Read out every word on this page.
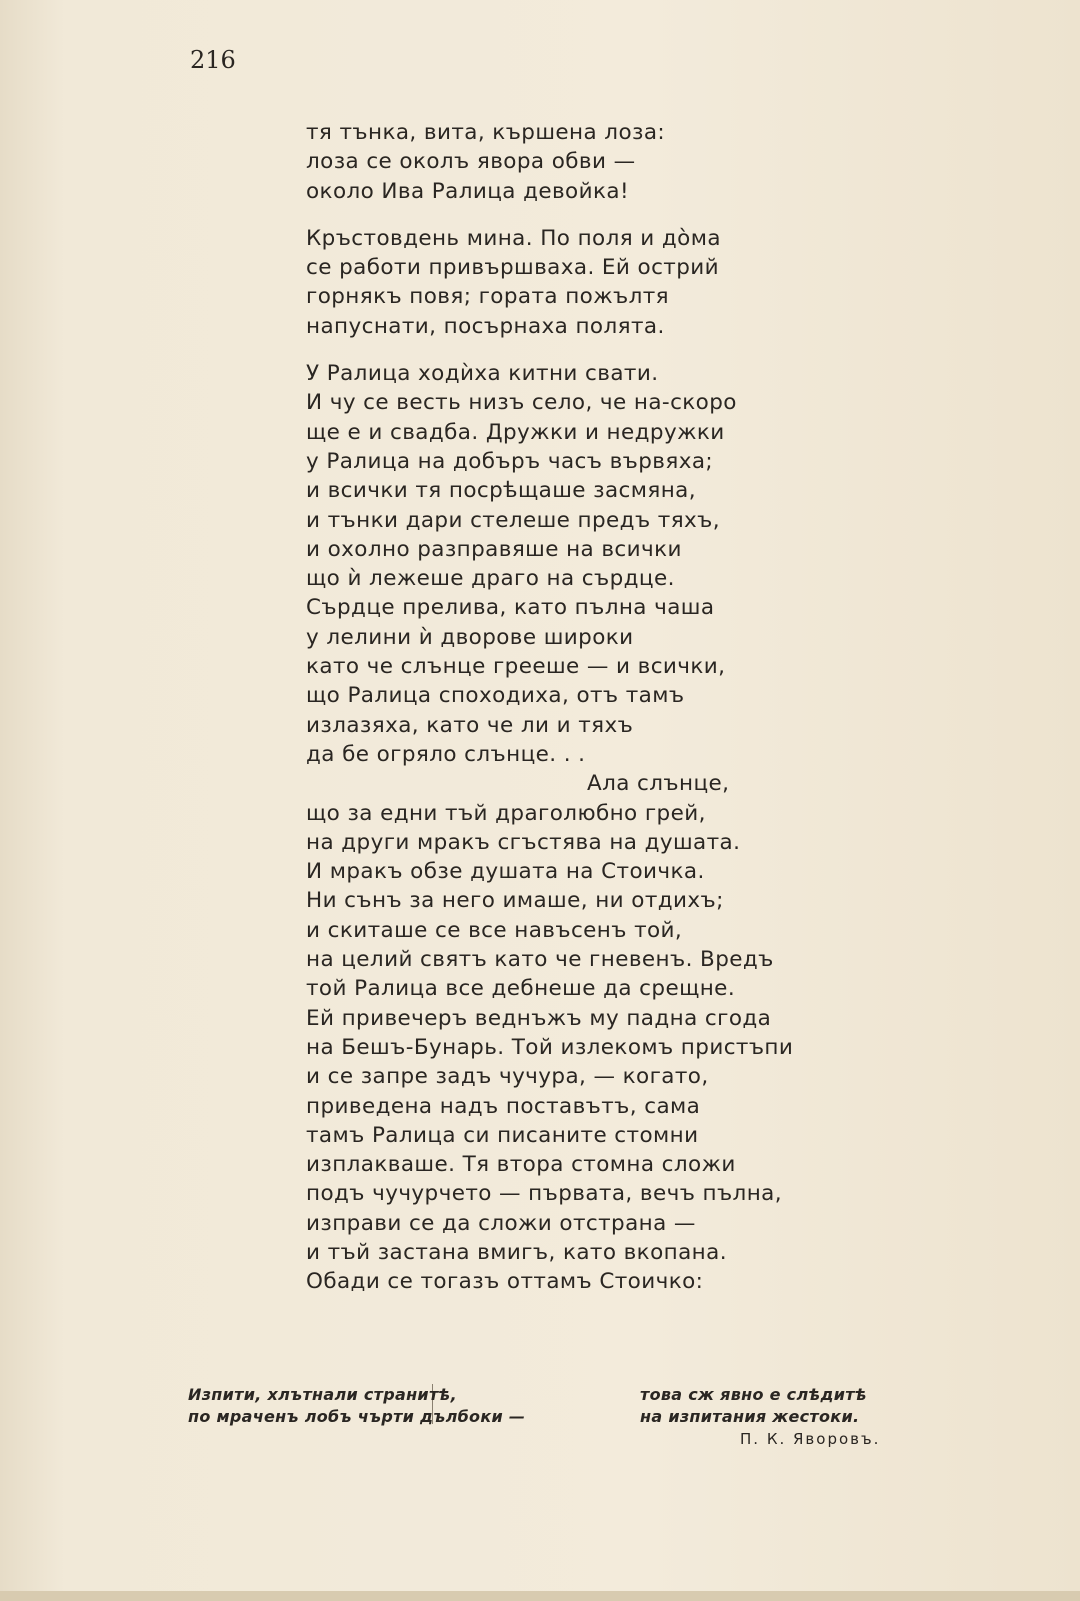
216
тя тънка, вита, кършена лоза:
лоза се околъ явора обви —
около Ива Ралица девойка!
Кръстовдень мина. По поля и дòма
се работи привършваха. Ей острий
горнякъ повя; гората пожълтя
напуснати, посърнаха полята.
У Ралица ходѝха китни свати.
И чу се весть низъ село, че на-скоро
ще е и свадба. Дружки и недружки
у Ралица на добъръ часъ вървяха;
и всички тя посрѣщаше засмяна,
и тънки дари стелеше предъ тяхъ,
и охолно разправяше на всички
що ѝ лежеше драго на сърдце.
Сърдце прелива, като пълна чаша
у лелини ѝ дворове широки
като че слънце грееше — и всички,
що Ралица споходиха, отъ тамъ
излазяха, като че ли и тяхъ
да бе огряло слънце. . .
Ала слънце,
що за едни тъй драголюбно грей,
на други мракъ сгъстява на душата.
И мракъ обзе душата на Стоичка.
Ни сънъ за него имаше, ни отдихъ;
и скиташе се все навъсенъ той,
на целий святъ като че гневенъ. Вредъ
той Ралица все дебнеше да срещне.
Ей привечеръ веднъжъ му падна сгода
на Бешъ-Бунарь. Той излекомъ пристъпи
и се запре задъ чучура, — когато,
приведена надъ поставътъ, сама
тамъ Ралица си писаните стомни
изплакваше. Тя втора стомна сложи
подъ чучурчето — първата, вечъ пълна,
изправи се да сложи отстрана —
и тъй застана вмигъ, като вкопана.
Обади се тогазъ оттамъ Стоичко:
Изпити, хлътнали странитѣ,
по мраченъ лобъ чърти дълбоки —
това сж явно е слѣдитѣ
на изпитания жестоки.
П. К. Яворовъ.
